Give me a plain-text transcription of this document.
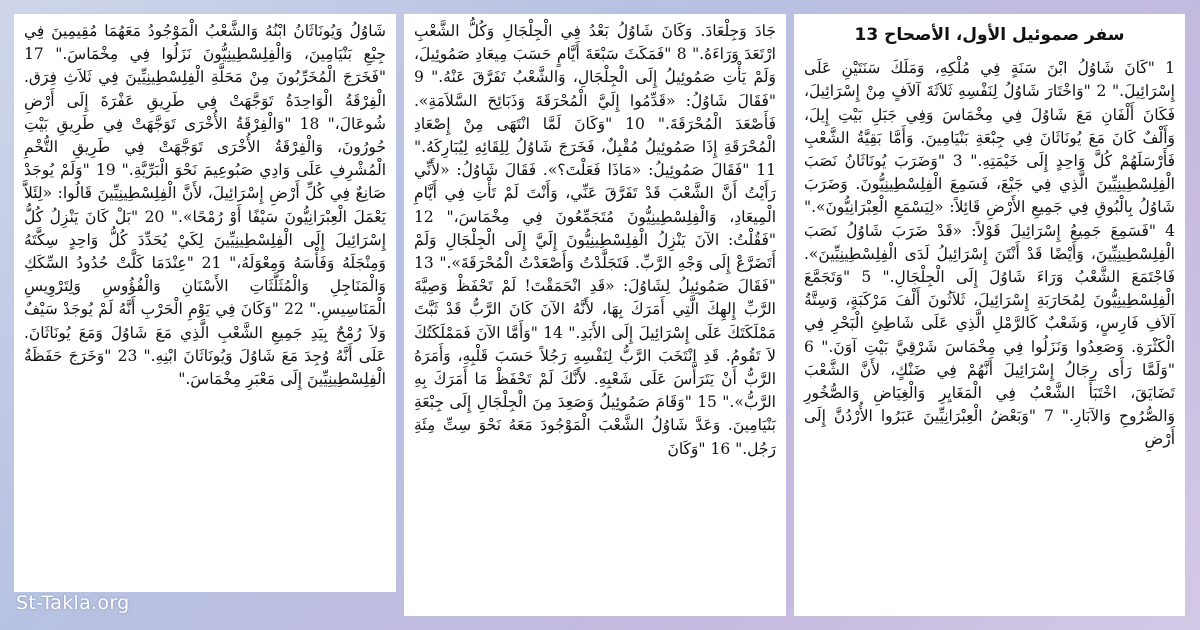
سفر صموئيل الأول، الأصحاح 13

1 "كَانَ شَاوُلُ ابْنَ سَنَةٍ فِي مُلْكِهِ، وَمَلَكَ سَنَتَيْنِ عَلَى إِسْرَائِيلَ." 2 "وَاخْتَارَ شَاوُلُ لِنَفْسِهِ ثَلاَثَةَ آلاَفٍ مِنْ إِسْرَائِيلَ، فَكَانَ أَلْفَانِ مَعَ شَاوُلَ فِي مِخْمَاسَ وَفِي جَبَلِ بَيْتِ إِيلَ، وَأَلْفٌ كَانَ مَعَ يُونَاثَانَ فِي جِبْعَةِ بَنْيَامِينَ. وَأَمَّا بَقِيَّةُ الشَّعْبِ فَأَرْسَلَهُمْ كُلَّ وَاحِدٍ إِلَى خَيْمَتِهِ." 3 "وَضَرَبَ يُونَاثَانُ نَصَبَ الْفِلِسْطِينِيِّينَ الَّذِي فِي جَبْعَ، فَسَمِعَ الْفِلِسْطِينِيُّونَ. وَضَرَبَ شَاوُلُ بِالْبُوقِ فِي جَمِيعِ الأَرْضِ قَائِلاً: «لِيَسْمَعِ الْعِبْرَانِيُّونَ»." 4 "فَسَمِعَ جَمِيعُ إِسْرَائِيلَ قَوْلاً: «قَدْ ضَرَبَ شَاوُلُ نَصَبَ الْفِلِسْطِينِيِّينَ، وَأَيْضًا قَدْ أَنْتَنَ إِسْرَائِيلُ لَدَى الْفِلِسْطِينِيِّينَ». فَاجْتَمَعَ الشَّعْبُ وَرَاءَ شَاوُلَ إِلَى الْجِلْجَالِ." 5 "وَتَجَمَّعَ الْفِلِسْطِينِيُّونَ لِمُحَارَبَةِ إِسْرَائِيلَ، ثَلاَثُونَ أَلْفَ مَرْكَبَةٍ، وَسِتَّةُ آلاَفِ فَارِسٍ، وَشَعْبٌ كَالرَّمْلِ الَّذِي عَلَى شَاطِئِ الْبَحْرِ فِي الْكَثْرَةِ. وَصَعِدُوا وَنَزَلُوا فِي مِخْمَاسَ شَرْقِيَّ بَيْتِ آوَنَ." 6 "وَلَمَّا رَأَى رِجَالُ إِسْرَائِيلَ أَنَّهُمْ فِي ضَنْكٍ، لأَنَّ الشَّعْبَ تَضَايَقَ، اخْتَبَأَ الشَّعْبُ فِي الْمَغَايِرِ وَالْغِيَاضِ وَالصُّخُورِ وَالصُّرُوحِ وَالآبَارِ." 7 "وَبَعْضُ الْعِبْرَانِيِّينَ عَبَرُوا الأُرْدُنَّ إِلَى أَرْضِ

جَادَ وَجِلْعَادَ. وَكَانَ شَاوُلُ بَعْدُ فِي الْجِلْجَالِ وَكُلُّ الشَّعْبِ ارْتَعَدَ وَرَاءَهُ." 8 "فَمَكَثَ سَبْعَةَ أَيَّامٍ حَسَبَ مِيعَادِ صَمُوئِيلَ، وَلَمْ يَأْتِ صَمُوئِيلُ إِلَى الْجِلْجَالِ، وَالشَّعْبُ تَفَرَّقَ عَنْهُ." 9 "فَقَالَ شَاوُلُ: «قَدِّمُوا إِلَيَّ الْمُحْرَقَةَ وَذَبَائِحَ السَّلاَمَةِ». فَأَصْعَدَ الْمُحْرَقَةَ." 10 "وَكَانَ لَمَّا انْتَهَى مِنْ إِصْعَادِ الْمُحْرَقَةِ إِذَا صَمُوئِيلُ مُقْبِلٌ، فَخَرَجَ شَاوُلُ لِلِقَائِهِ لِيُبَارِكَهُ." 11 "فَقَالَ صَمُوئِيلُ: «مَاذَا فَعَلْتَ؟». فَقَالَ شَاوُلُ: «لأَنِّي رَأَيْتُ أَنَّ الشَّعْبَ قَدْ تَفَرَّقَ عَنِّي، وَأَنْتَ لَمْ تَأْتِ فِي أَيَّامِ الْمِيعَادِ، وَالْفِلِسْطِينِيُّونَ مُتَجَمِّعُونَ فِي مِخْمَاسَ،" 12 "فَقُلْتُ: الآنَ يَنْزِلُ الْفِلِسْطِينِيُّونَ إِلَيَّ إِلَى الْجِلْجَالِ وَلَمْ أَتَضَرَّعْ إِلَى وَجْهِ الرَّبِّ. فَتَجَلَّدْتُ وَأَصْعَدْتُ الْمُحْرَقَةَ»." 13 "فَقَالَ صَمُوئِيلُ لِشَاوُلَ: «قَدِ انْحَمَقْتَ! لَمْ تَحْفَظْ وَصِيَّةَ الرَّبِّ إِلهِكَ الَّتِي أَمَرَكَ بِهَا، لأَنَّهُ الآنَ كَانَ الرَّبُّ قَدْ ثَبَّتَ مَمْلَكَتَكَ عَلَى إِسْرَائِيلَ إِلَى الأَبَدِ." 14 "وَأَمَّا الآنَ فَمَمْلَكَتُكَ لاَ تَقُومُ. قَدِ انْتَخَبَ الرَّبُّ لِنَفْسِهِ رَجُلاً حَسَبَ قَلْبِهِ، وَأَمَرَهُ الرَّبُّ أَنْ يَتَرَأَّسَ عَلَى شَعْبِهِ. لأَنَّكَ لَمْ تَحْفَظْ مَا أَمَرَكَ بِهِ الرَّبُّ»." 15 "وَقَامَ صَمُوئِيلُ وَصَعِدَ مِنَ الْجِلْجَالِ إِلَى جِبْعَةِ بَنْيَامِينَ. وَعَدَّ شَاوُلُ الشَّعْبَ الْمَوْجُودَ مَعَهُ نَحْوَ سِتِّ مِئَةِ رَجُل." 16 "وَكَانَ

شَاوُلُ وَيُونَاثَانُ ابْنُهُ وَالشَّعْبُ الْمَوْجُودُ مَعَهُمَا مُقِيمِينَ فِي جِبْعِ بَنْيَامِينَ، وَالْفِلِسْطِينِيُّونَ نَزَلُوا فِي مِخْمَاسَ." 17 "فَخَرَجَ الْمُخَرِّبُونَ مِنْ مَحَلَّةِ الْفِلِسْطِينِيِّينَ فِي ثَلاَثِ فِرَق. الْفِرْقَةُ الْوَاحِدَةُ تَوَجَّهَتْ فِي طَرِيقِ عَفْرَةَ إِلَى أَرْضِ شُوعَالَ،" 18 "وَالْفِرْقَةُ الأُخْرَى تَوَجَّهَتْ فِي طَرِيقِ بَيْتِ حُورُونَ، وَالْفِرْقَةُ الأُخْرَى تَوَجَّهَتْ فِي طَرِيقِ التُّخْمِ الْمُشْرِفِ عَلَى وَادِي صَبُوعِيمَ نَحْوَ الْبَرِّيَّةِ." 19 "وَلَمْ يُوجَدْ صَانِعٌ فِي كُلِّ أَرْضِ إِسْرَائِيلَ، لأَنَّ الْفِلِسْطِينِيِّينَ قَالُوا: «لِئَلاَّ يَعْمَلَ الْعِبْرَانِيُّونَ سَيْفًا أَوْ رُمْحًا»." 20 "بَلْ كَانَ يَنْزِلُ كُلُّ إِسْرَائِيلَ إِلَى الْفِلِسْطِينِيِّينَ لِكَيْ يُحَدِّدَ كُلُّ وَاحِدٍ سِكَّتَهُ وَمِنْجَلَهُ وَفَأْسَهُ وَمِعْوَلَهُ،" 21 "عِنْدَمَا كَلَّتْ حُدُودُ السِّكَكِ وَالْمَنَاجِلِ وَالْمُثَلَّثَاتِ الأَسْنَانِ وَالْفُؤُوسِ وَلِتَرْوِيسِ الْمَنَاسِيسِ." 22 "وَكَانَ فِي يَوْمِ الْحَرْبِ أَنَّهُ لَمْ يُوجَدْ سَيْفٌ وَلاَ رُمْحٌ بِيَدِ جَمِيعِ الشَّعْبِ الَّذِي مَعَ شَاوُلَ وَمَعَ يُونَاثَانَ. عَلَى أَنَّهُ وُجِدَ مَعَ شَاوُلَ وَيُونَاثَانَ ابْنِهِ." 23 "وَخَرَجَ حَفَظَةُ الْفِلِسْطِينِيِّينَ إِلَى مَعْبَرِ مِخْمَاسَ."

St-Takla.org
